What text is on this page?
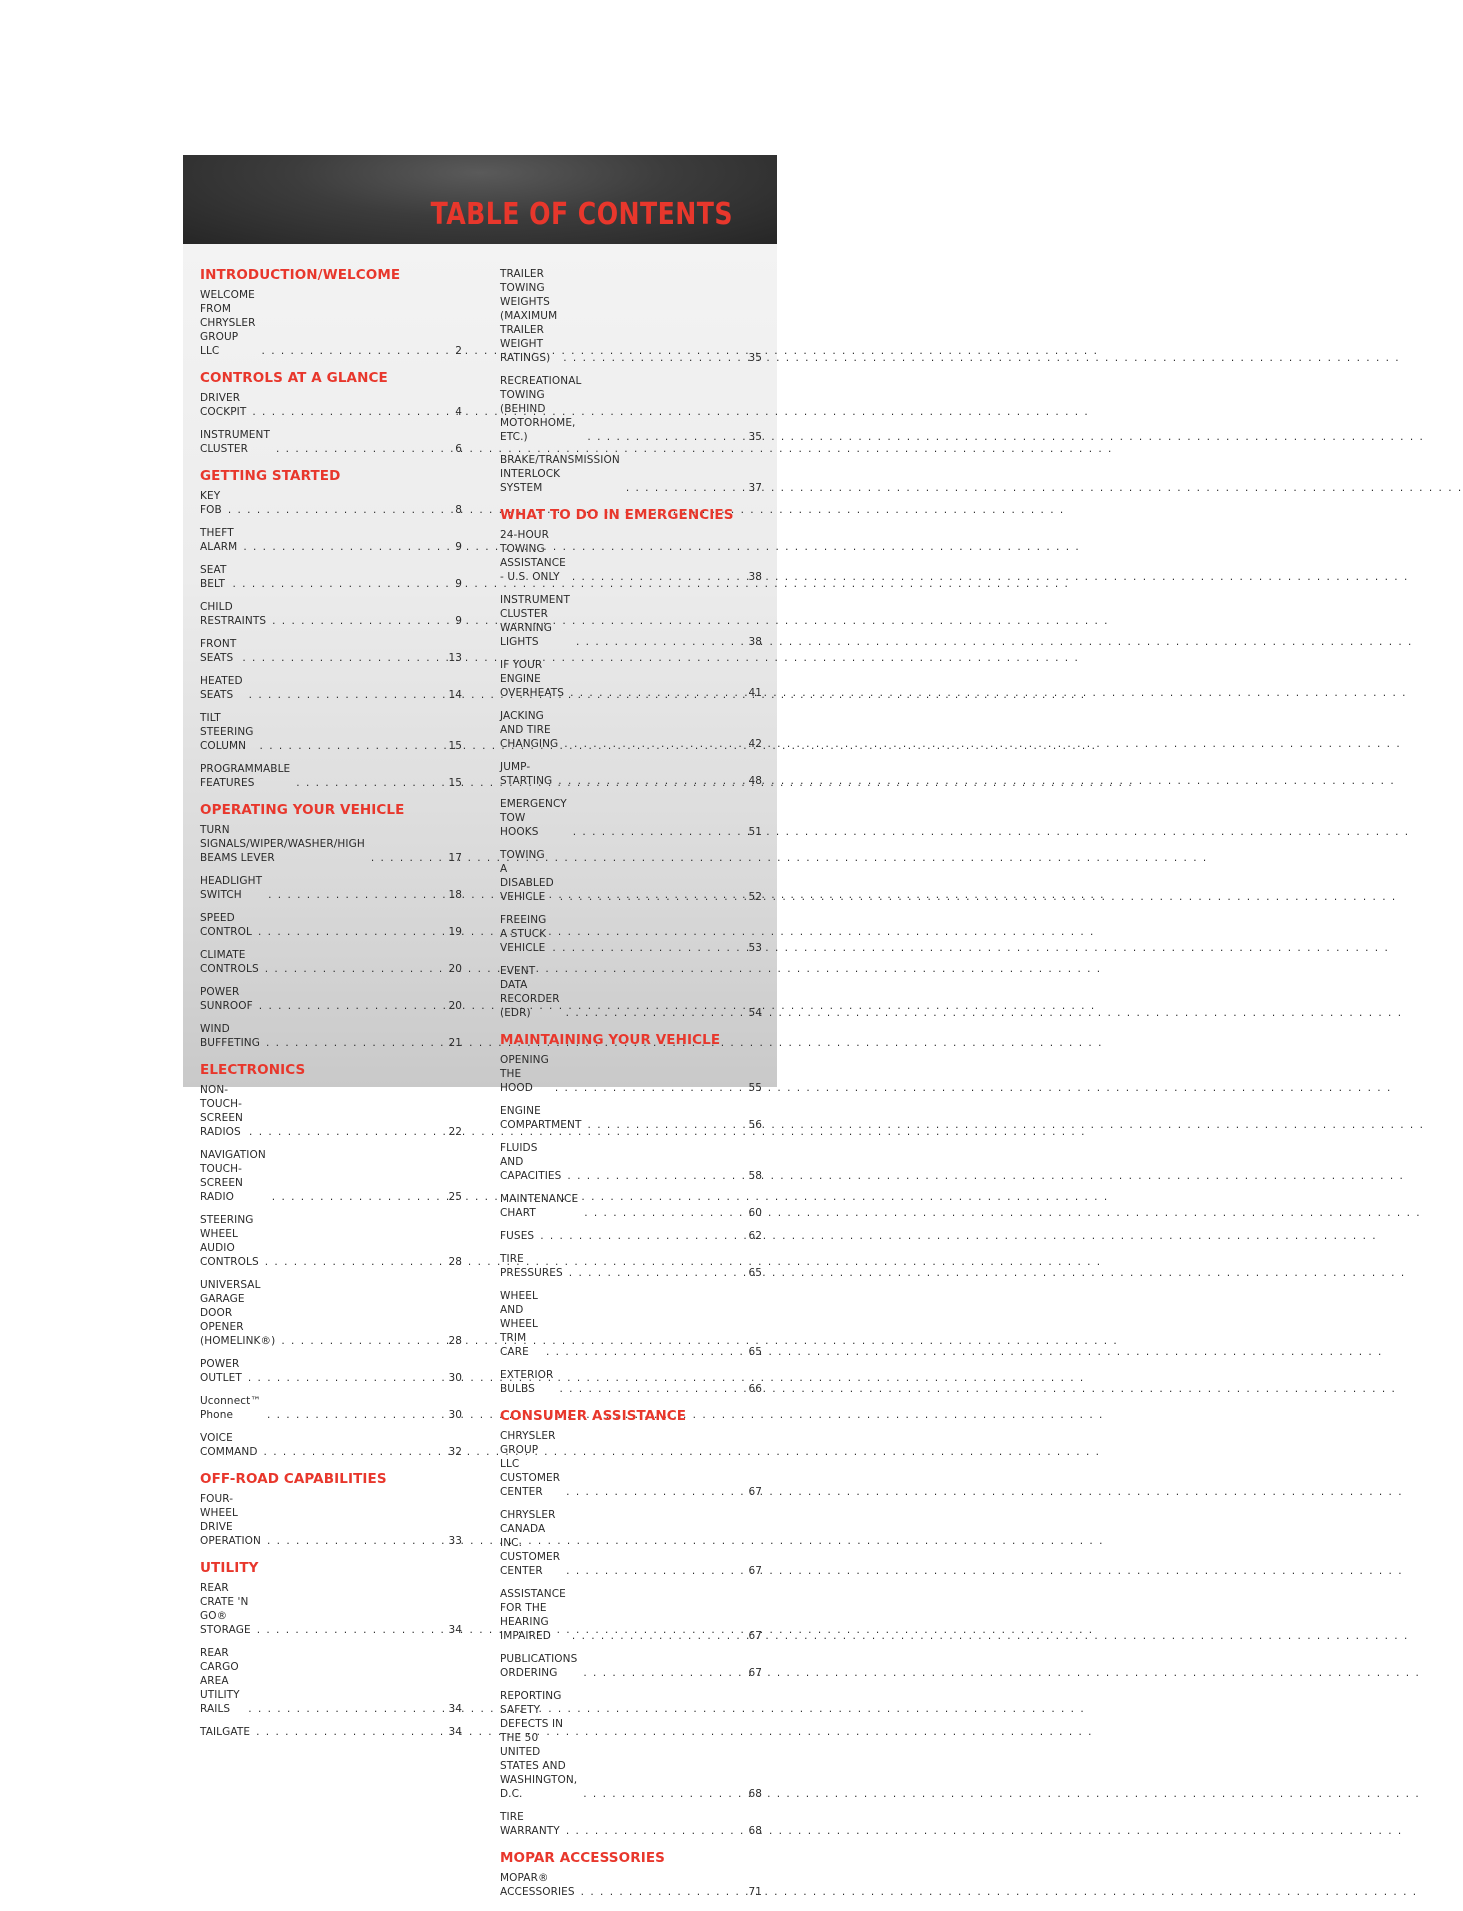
TABLE OF CONTENTS
INTRODUCTION/WELCOME
WELCOME FROM CHRYSLER GROUP
LLC . . .	2
CONTROLS AT A GLANCE
DRIVER COCKPIT . . .	4
INSTRUMENT CLUSTER . . .	6
GETTING STARTED
KEY FOB . . .	8
THEFT ALARM . . .	9
SEAT BELT . . .	9
CHILD RESTRAINTS . . .	9
FRONT SEATS . . .	13
HEATED SEATS . . .	14
TILT STEERING COLUMN . . .	15
PROGRAMMABLE FEATURES . . .	15
OPERATING YOUR VEHICLE
TURN SIGNALS/WIPER/WASHER/HIGH
BEAMS LEVER . . .	17
HEADLIGHT SWITCH . . .	18
SPEED CONTROL . . .	19
CLIMATE CONTROLS . . .	20
POWER SUNROOF . . .	20
WIND BUFFETING . . .	21
ELECTRONICS
NON-TOUCH-SCREEN RADIOS . . .	22
NAVIGATION TOUCH-SCREEN RADIO . . .	25
STEERING WHEEL AUDIO CONTROLS . . .	28
UNIVERSAL GARAGE DOOR OPENER
(HOMELINK®) . . .	28
POWER OUTLET . . .	30
Uconnect™ Phone . . .	30
VOICE COMMAND . . .	32
OFF-ROAD CAPABILITIES
FOUR-WHEEL DRIVE OPERATION . . .	33
UTILITY
REAR CRATE 'N GO® STORAGE . . .	34
REAR CARGO AREA UTILITY RAILS . . .	34
TAILGATE . . .	34
TRAILER TOWING WEIGHTS (MAXIMUM
TRAILER WEIGHT RATINGS) . . .	35
RECREATIONAL TOWING (BEHIND
MOTORHOME, ETC.) . . .	35
BRAKE/TRANSMISSION INTERLOCK
SYSTEM . . .	37
WHAT TO DO IN EMERGENCIES
24-HOUR TOWING ASSISTANCE
- U.S. ONLY . . .	38
INSTRUMENT CLUSTER WARNING
LIGHTS . . .	38
IF YOUR ENGINE OVERHEATS . . .	41
JACKING AND TIRE CHANGING . . .	42
JUMP-STARTING . . .	48
EMERGENCY TOW HOOKS . . .	51
TOWING A DISABLED VEHICLE . . .	52
FREEING A STUCK VEHICLE . . .	53
EVENT DATA RECORDER (EDR) . . .	54
MAINTAINING YOUR VEHICLE
OPENING THE HOOD . . .	55
ENGINE COMPARTMENT . . .	56
FLUIDS AND CAPACITIES . . .	58
MAINTENANCE CHART . . .	60
FUSES . . .	62
TIRE PRESSURES . . .	65
WHEEL AND WHEEL TRIM CARE . . .	65
EXTERIOR BULBS . . .	66
CONSUMER ASSISTANCE
CHRYSLER GROUP LLC CUSTOMER
CENTER . . .	67
CHRYSLER CANADA INC. CUSTOMER
CENTER . . .	67
ASSISTANCE FOR THE HEARING
IMPAIRED . . .	67
PUBLICATIONS ORDERING . . .	67
REPORTING SAFETY DEFECTS IN
THE 50 UNITED STATES AND
WASHINGTON, D.C. . . .	68
TIRE WARRANTY . . .	68
MOPAR ACCESSORIES
MOPAR® ACCESSORIES . . .	71
